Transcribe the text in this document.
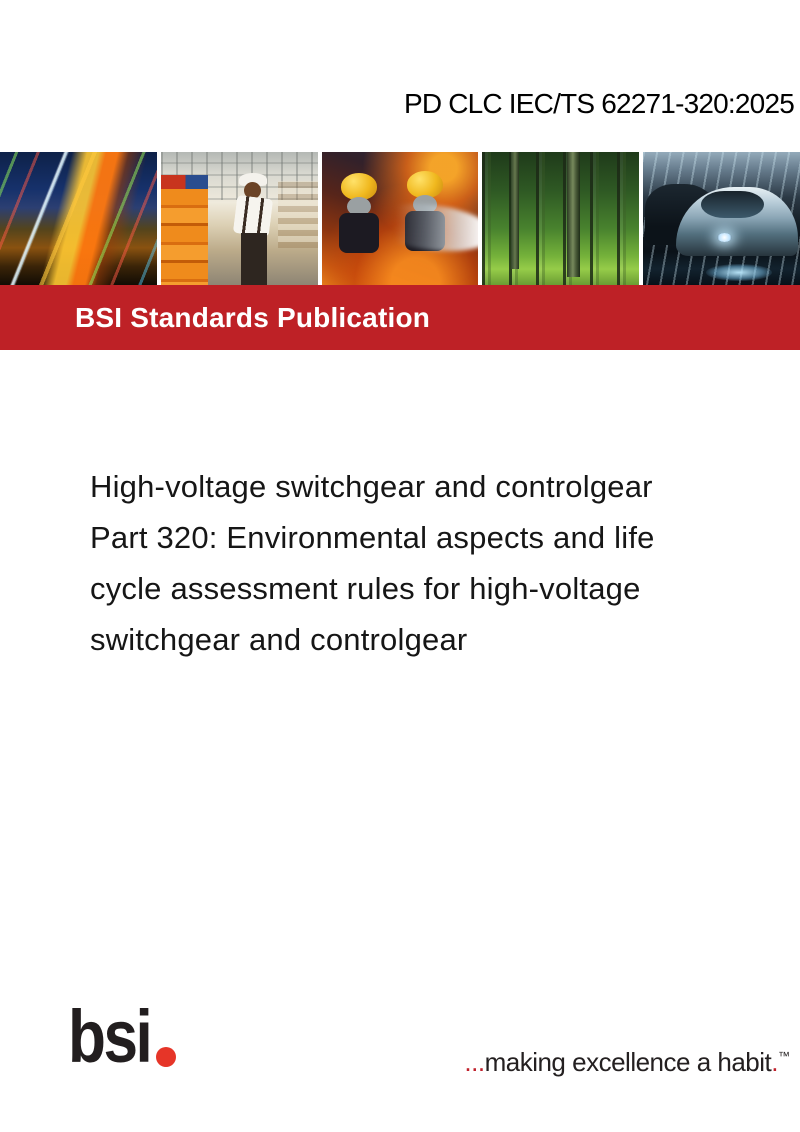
PD CLC IEC/TS 62271-320:2025
BSI Standards Publication
High-voltage switchgear and controlgear
Part 320: Environmental aspects and life
cycle assessment rules for high-voltage
switchgear and controlgear
bsi	...making excellence a habit.™
